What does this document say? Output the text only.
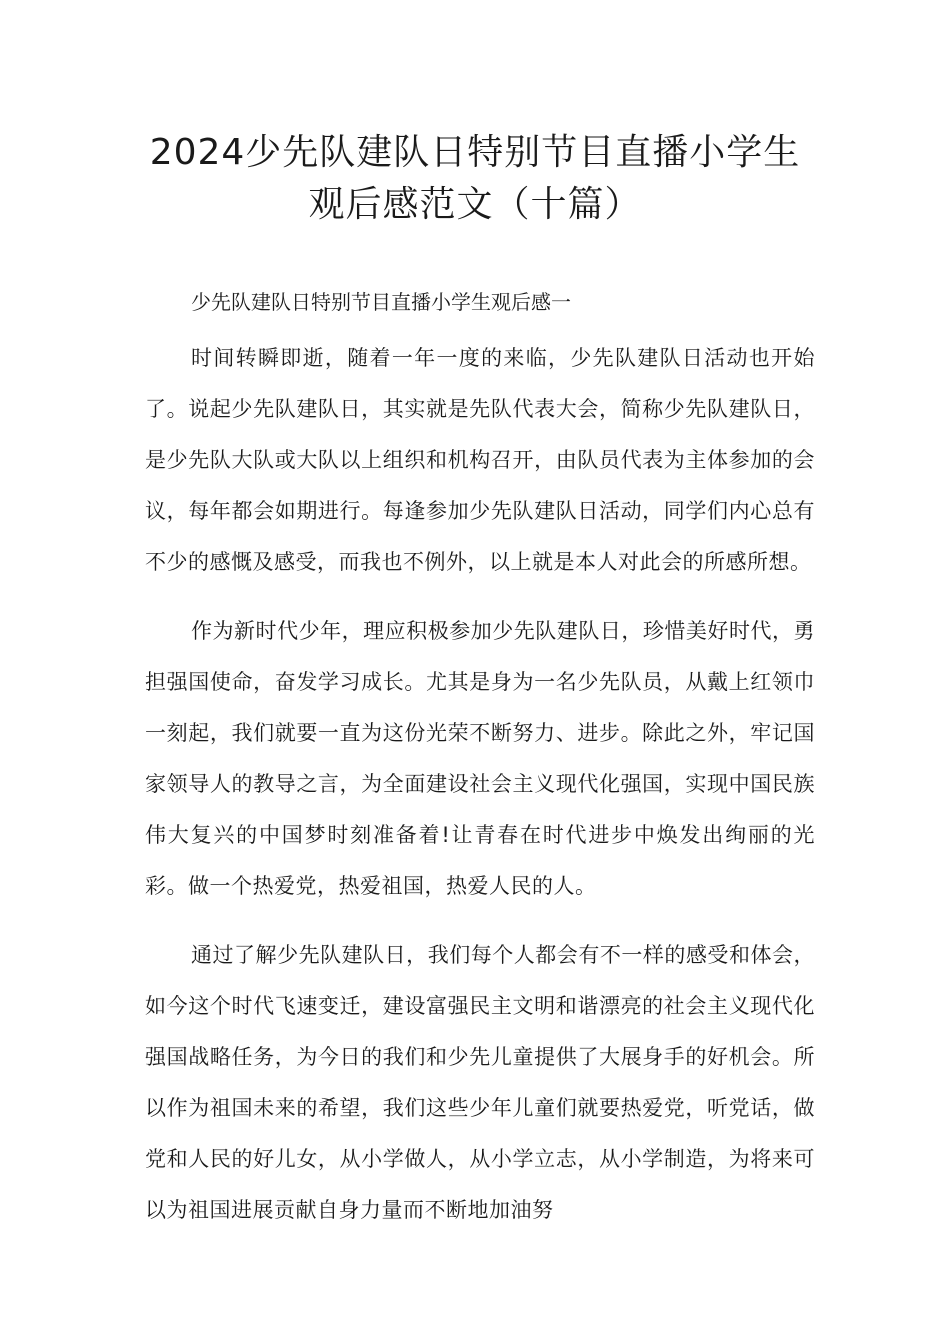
2024少先队建队日特别节目直播小学生
观后感范文（十篇）

少先队建队日特别节目直播小学生观后感一

时间转瞬即逝，随着一年一度的来临，少先队建队日活动也开始了。说起少先队建队日，其实就是先队代表大会，简称少先队建队日，是少先队大队或大队以上组织和机构召开，由队员代表为主体参加的会议，每年都会如期进行。每逢参加少先队建队日活动，同学们内心总有不少的感慨及感受，而我也不例外，以上就是本人对此会的所感所想。

作为新时代少年，理应积极参加少先队建队日，珍惜美好时代，勇担强国使命，奋发学习成长。尤其是身为一名少先队员，从戴上红领巾一刻起，我们就要一直为这份光荣不断努力、进步。除此之外，牢记国家领导人的教导之言，为全面建设社会主义现代化强国，实现中国民族伟大复兴的中国梦时刻准备着!让青春在时代进步中焕发出绚丽的光彩。做一个热爱党，热爱祖国，热爱人民的人。

通过了解少先队建队日，我们每个人都会有不一样的感受和体会，如今这个时代飞速变迁，建设富强民主文明和谐漂亮的社会主义现代化强国战略任务，为今日的我们和少先儿童提供了大展身手的好机会。所以作为祖国未来的希望，我们这些少年儿童们就要热爱党，听党话，做党和人民的好儿女，从小学做人，从小学立志，从小学制造，为将来可以为祖国进展贡献自身力量而不断地加油努
